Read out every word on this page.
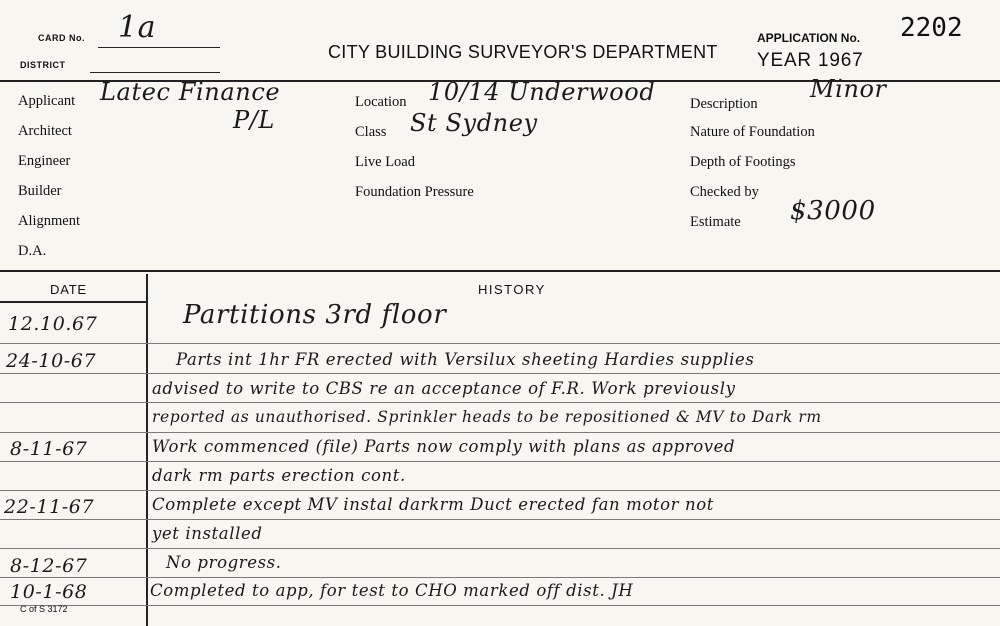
CARD No. 1a
DISTRICT
CITY BUILDING SURVEYOR'S DEPARTMENT
APPLICATION No. 2202
YEAR 1967
Applicant Latec Finance
Architect	P/L
Engineer
Builder
Alignment
D.A.
Location 10/14 Underwood
Class St Sydney
Live Load
Foundation Pressure
Description
Minor
Nature of Foundation
Depth of Footings
Checked by
Estimate $3000
DATE	HISTORY
12.10.67	Partitions 3rd floor
24-10-67	Parts int 1hr FR erected with Versilux sheeting Hardies supplies
advised to write to CBS re an acceptance of F.R. Work previously
reported as unauthorised. Sprinkler heads to be repositioned & MV to Dark rm
8-11-67	Work commenced (file) Parts now comply with plans as approved
dark rm parts erection cont.
22-11-67	Complete except MV instal darkrm Duct erected fan motor not
yet installed
8-12-67	No progress.
10-1-68	Completed to app, for test to CHO marked off dist. JH
C of S 3172
